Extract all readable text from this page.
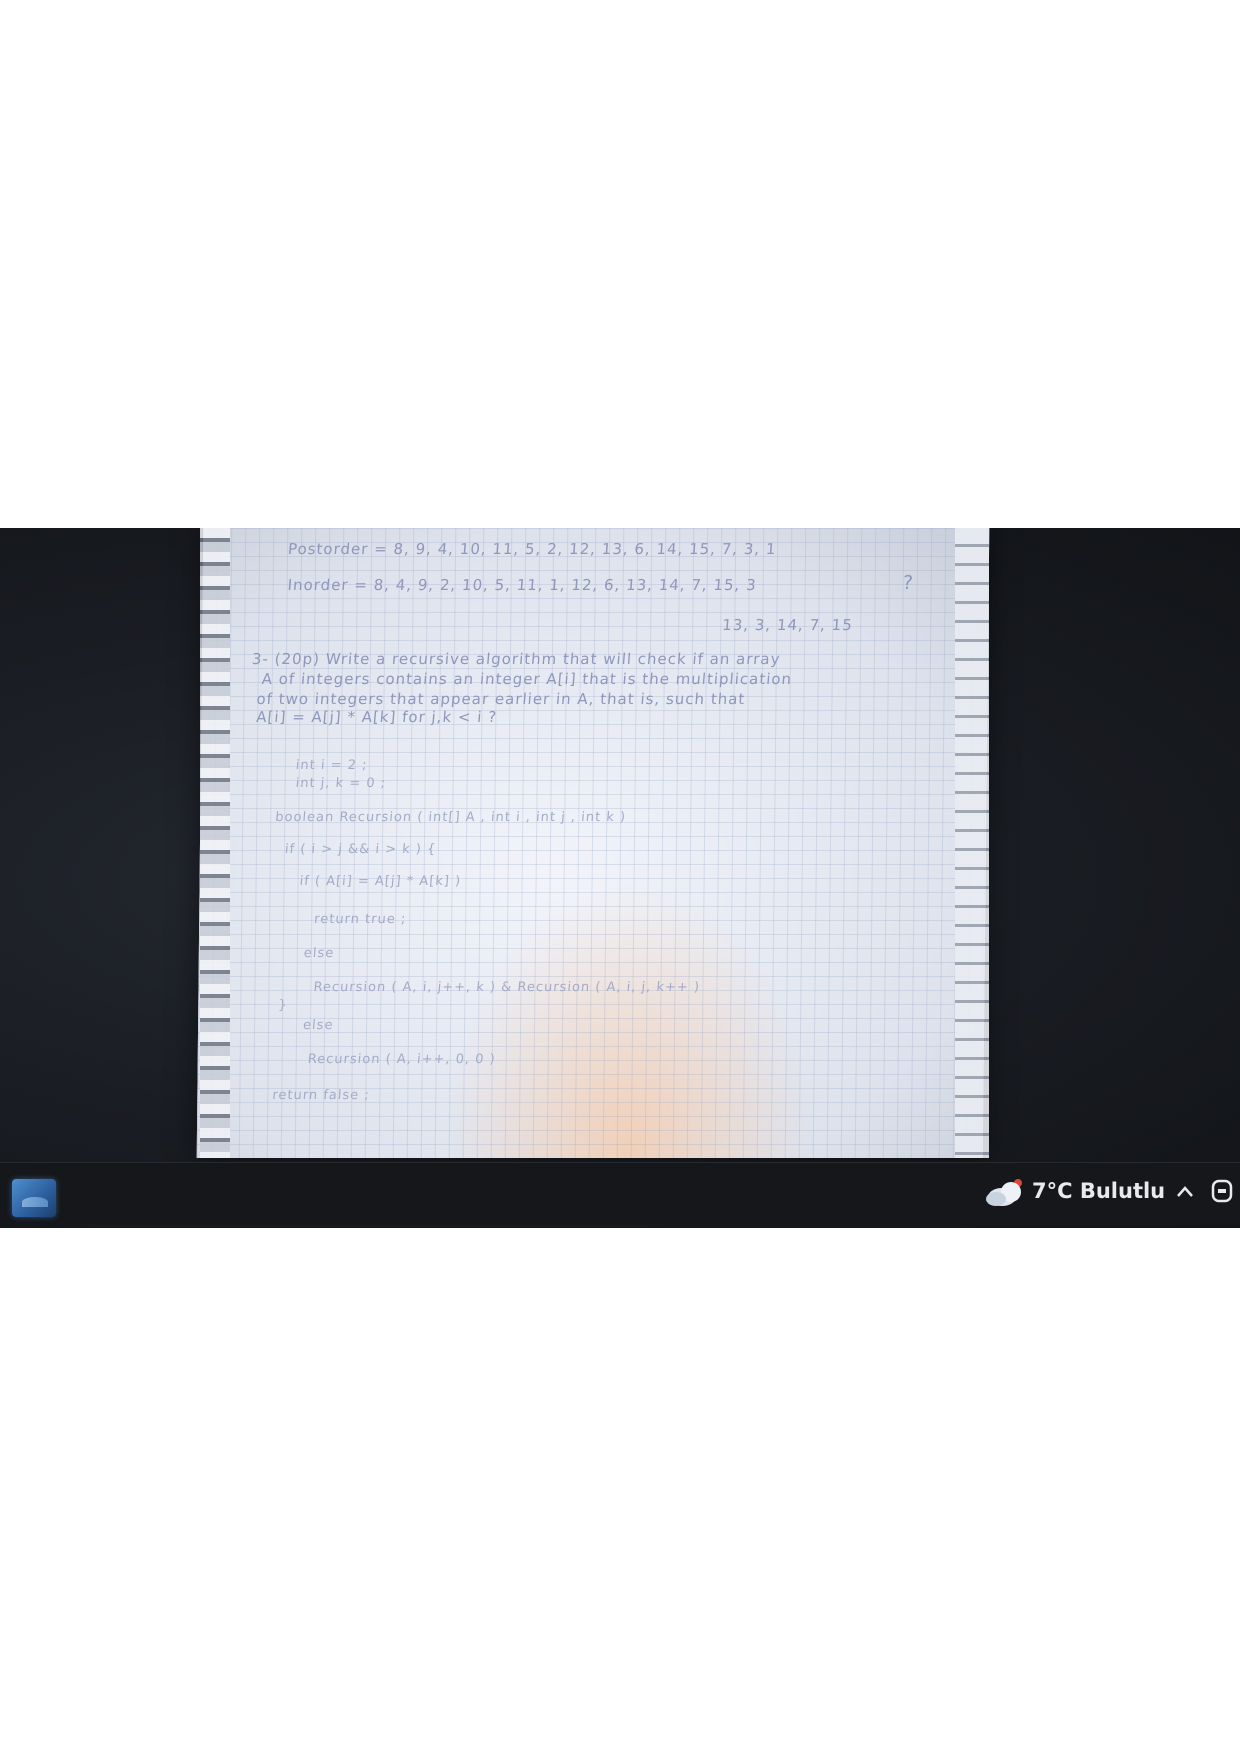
Postorder = 8, 9, 4, 10, 11, 5, 2, 12, 13, 6, 14, 15, 7, 3, 1
Inorder = 8, 4, 9, 2, 10, 5, 11, 1, 12, 6, 13, 14, 7, 15, 3	?
13, 3, 14, 7, 15
3- (20p) Write a recursive algorithm that will check if an array
A of integers contains an integer A[i] that is the multiplication
of two integers that appear earlier in A, that is, such that
A[i] = A[j] * A[k] for j,k < i ?
int i = 2 ;
int j, k = 0 ;
boolean Recursion ( int[] A , int i , int j , int k )
if ( i > j && i > k ) {
if ( A[i] = A[j] * A[k] )
return true ;
else
Recursion ( A, i, j++, k ) & Recursion ( A, i, j, k++ )
}
else
Recursion ( A, i++, 0, 0 )
return false ;
7°C Bulutlu
